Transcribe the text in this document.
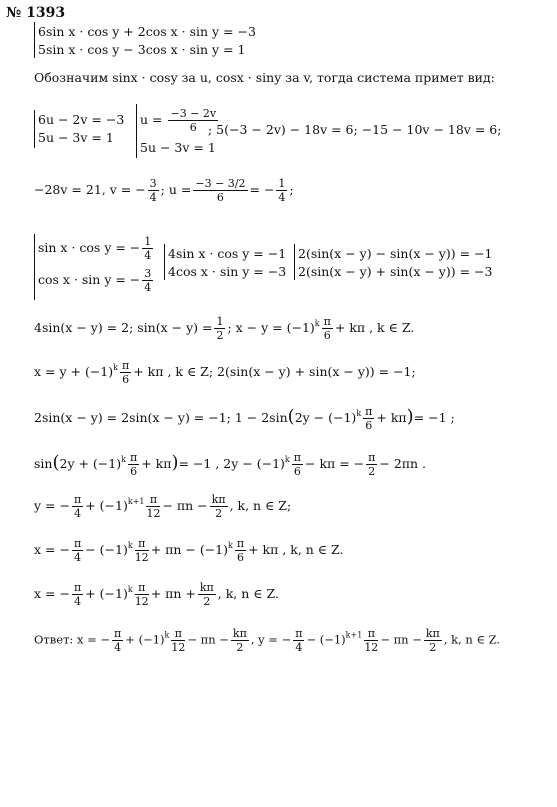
№ 1393
6sin x · cos y + 2cos x · sin y = −3
5sin x · cos y − 3cos x · sin y = 1
Обозначим sinx · cosy за u, cosx · siny за v, тогда система примет вид:
6u − 2v = −3
5u − 3v = 1
$u = \frac{-3 - 2v}{6}$
5u − 3v = 1
; 5(−3 − 2v) − 18v = 6; −15 − 10v − 18v = 6;
−28v = 21, v = − $\frac{3}{4}$ ; $u = \frac{-3 - 3/2}{6}$ = − $\frac{1}{4}$ ;
sin x · cos y = − $\frac{1}{4}$
cos x · sin y = − $\frac{3}{4}$
4sin x · cos y = −1
4cos x · sin y = −3
2(sin(x − y) − sin(x − y)) = −1
2(sin(x − y) + sin(x − y)) = −3
4sin(x − y) = 2; $\sin(x - y) = \frac{1}{2}$ ; $x - y = (-1)^k \frac{\pi}{6} + k\pi$ , k ∈ Z.
$x = y + (-1)^k \frac{\pi}{6} + k\pi$ , k ∈ Z; 2(sin(x − y) + sin(x − y)) = −1;
2sin(x − y) = 2sin(x − y) = −1; $1 - 2\sin(2y - (-1)^k \frac{\pi}{6} + k\pi)= -1$ ;
$\sin(2y + (-1)^k \frac{\pi}{6} + k\pi)= -1$ , $2y - (-1)^k \frac{\pi}{6} - k\pi$ = − $\frac{\pi}{2} - 2\pi n$ .
y = − $\frac{\pi}{4} + (-1)^{k+1} \frac{\pi}{12} - \pi n - \frac{k\pi}{2}$ , k, n ∈ Z;
x = − $\frac{\pi}{4} - (-1)^k \frac{\pi}{12} + \pi n - (-1)^k \frac{\pi}{6} + k\pi$ , k, n ∈ Z.
x = − $\frac{\pi}{4} + (-1)^k \frac{\pi}{12} + \pi n + \frac{k\pi}{2}$ , k, n ∈ Z.
Ответ: x = − $\frac{\pi}{4} + (-1)^k \frac{\pi}{12} - \pi n - \frac{k\pi}{2}$ , y = − $\frac{\pi}{4} - (-1)^{k+1} \frac{\pi}{12} - \pi n - \frac{k\pi}{2}$ , k, n ∈ Z.
